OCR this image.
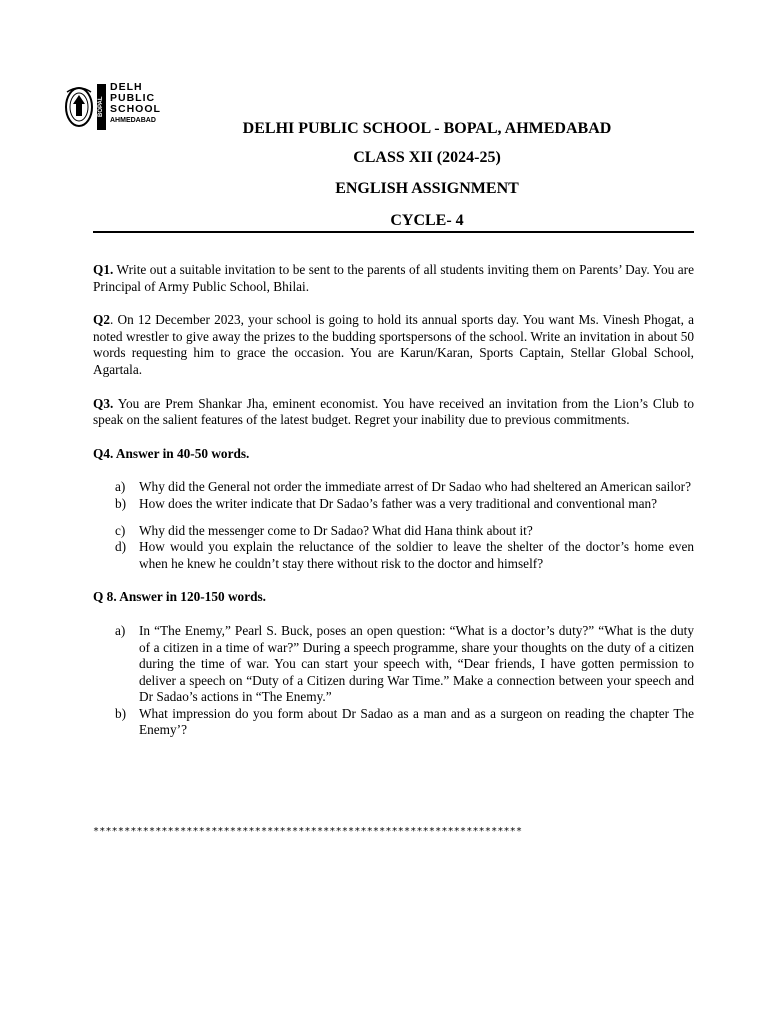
BOPAL
DELH
PUBLIC
SCHOOL
AHMEDABAD	DELHI PUBLIC SCHOOL - BOPAL, AHMEDABAD
CLASS XII (2024-25)
ENGLISH ASSIGNMENT
CYCLE- 4

Q1. Write out a suitable invitation to be sent to the parents of all students inviting them on Parents’ Day. You are Principal of Army Public School, Bhilai.

Q2. On 12 December 2023, your school is going to hold its annual sports day. You want Ms. Vinesh Phogat, a noted wrestler to give away the prizes to the budding sportspersons of the school. Write an invitation in about 50 words requesting him to grace the occasion. You are Karun/Karan, Sports Captain, Stellar Global School, Agartala.

Q3. You are Prem Shankar Jha, eminent economist. You have received an invitation from the Lion’s Club to speak on the salient features of the latest budget. Regret your inability due to previous commitments.

Q4. Answer in 40-50 words.
a) Why did the General not order the immediate arrest of Dr Sadao who had sheltered an American sailor?
b) How does the writer indicate that Dr Sadao’s father was a very traditional and conventional man?
c) Why did the messenger come to Dr Sadao? What did Hana think about it?
d) How would you explain the reluctance of the soldier to leave the shelter of the doctor’s home even when he knew he couldn’t stay there without risk to the doctor and himself?
Q 8. Answer in 120-150 words.
a) In “The Enemy,” Pearl S. Buck, poses an open question: “What is a doctor’s duty?” “What is the duty of a citizen in a time of war?” During a speech programme, share your thoughts on the duty of a citizen during the time of war. You can start your speech with, “Dear friends, I have gotten permission to deliver a speech on “Duty of a Citizen during War Time.” Make a connection between your speech and Dr Sadao’s actions in “The Enemy.”
b) What impression do you form about Dr Sadao as a man and as a surgeon on reading the chapter The Enemy’?
*********************************************************************
